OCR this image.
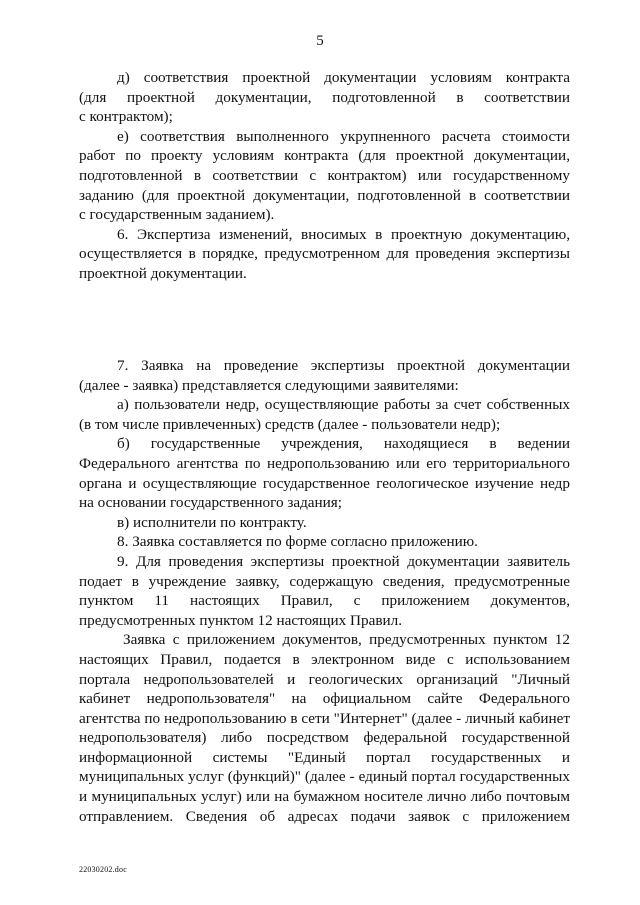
5
д) соответствия проектной документации условиям контракта
(для проектной документации, подготовленной в соответствии
с контрактом);
е) соответствия выполненного укрупненного расчета стоимости
работ по проекту условиям контракта (для проектной документации,
подготовленной в соответствии с контрактом) или государственному
заданию (для проектной документации, подготовленной в соответствии
с государственным заданием).
6. Экспертиза изменений, вносимых в проектную документацию,
осуществляется в порядке, предусмотренном для проведения экспертизы
проектной документации.
7. Заявка на проведение экспертизы проектной документации
(далее - заявка) представляется следующими заявителями:
а) пользователи недр, осуществляющие работы за счет собственных
(в том числе привлеченных) средств (далее - пользователи недр);
б) государственные учреждения, находящиеся в ведении
Федерального агентства по недропользованию или его территориального
органа и осуществляющие государственное геологическое изучение недр
на основании государственного задания;
в) исполнители по контракту.
8. Заявка составляется по форме согласно приложению.
9. Для проведения экспертизы проектной документации заявитель
подает в учреждение заявку, содержащую сведения, предусмотренные
пунктом 11 настоящих Правил, с приложением документов,
предусмотренных пунктом 12 настоящих Правил.
Заявка с приложением документов, предусмотренных пунктом 12
настоящих Правил, подается в электронном виде с использованием
портала недропользователей и геологических организаций "Личный
кабинет недропользователя" на официальном сайте Федерального
агентства по недропользованию в сети "Интернет" (далее - личный кабинет
недропользователя) либо посредством федеральной государственной
информационной системы "Единый портал государственных и
муниципальных услуг (функций)" (далее - единый портал государственных
и муниципальных услуг) или на бумажном носителе лично либо почтовым
отправлением. Сведения об адресах подачи заявок с приложением
22030202.doc
